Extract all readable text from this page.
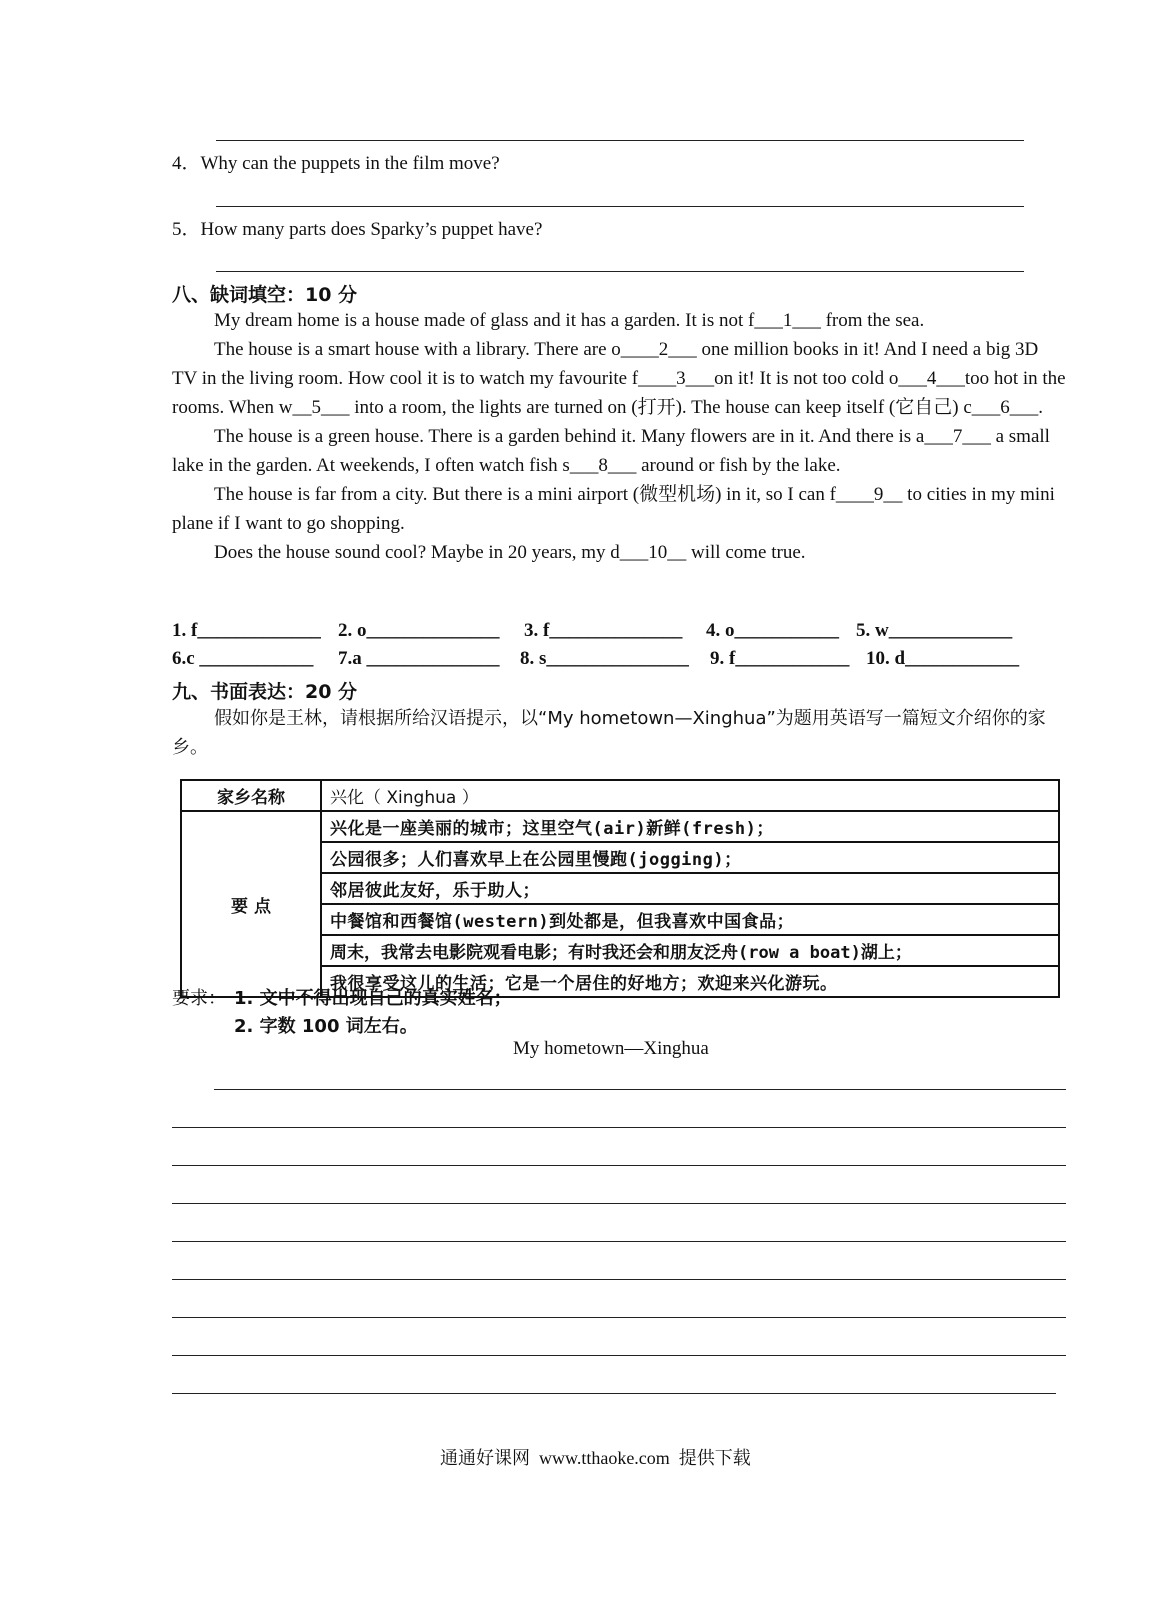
4．Why can the puppets in the film move?
5．How many parts does Sparky’s puppet have?
八、缺词填空：10 分

My dream home is a house made of glass and it has a garden. It is not f___1___ from the sea.

The house is a smart house with a library. There are o____2___ one million books in it! And I need a big 3D TV in the living room. How cool it is to watch my favourite f____3___on it! It is not too cold o___4___too hot in the rooms. When w__5___ into a room, the lights are turned on (打开). The house can keep itself (它自己) c___6___.

The house is a green house. There is a garden behind it. Many flowers are in it. And there is a___7___ a small lake in the garden. At weekends, I often watch fish s___8___ around or fish by the lake.

The house is far from a city. But there is a mini airport (微型机场) in it, so I can f____9__ to cities in my mini plane if I want to go shopping.

Does the house sound cool? Maybe in 20 years, my d___10__ will come true.

1. f_____________ 2. o______________ 3. f______________ 4. o___________ 5. w_____________
6.c ____________ 7.a ______________ 8. s_______________ 9. f____________ 10. d____________
九、书面表达：20 分
假如你是王林，请根据所给汉语提示，以“My hometown—Xinghua”为题用英语写一篇短文介绍你的家乡。
家乡名称	兴化（ Xinghua ）
要 点	兴化是一座美丽的城市；这里空气(air)新鲜(fresh)；
	公园很多；人们喜欢早上在公园里慢跑(jogging)；
	邻居彼此友好，乐于助人；
	中餐馆和西餐馆(western)到处都是，但我喜欢中国食品；
	周末，我常去电影院观看电影；有时我还会和朋友泛舟(row a boat)湖上；
	我很享受这儿的生活；它是一个居住的好地方；欢迎来兴化游玩。
要求： 1. 文中不得出现自己的真实姓名；
2. 字数 100 词左右。
My hometown—Xinghua
通通好课网  www.tthaoke.com  提供下载
